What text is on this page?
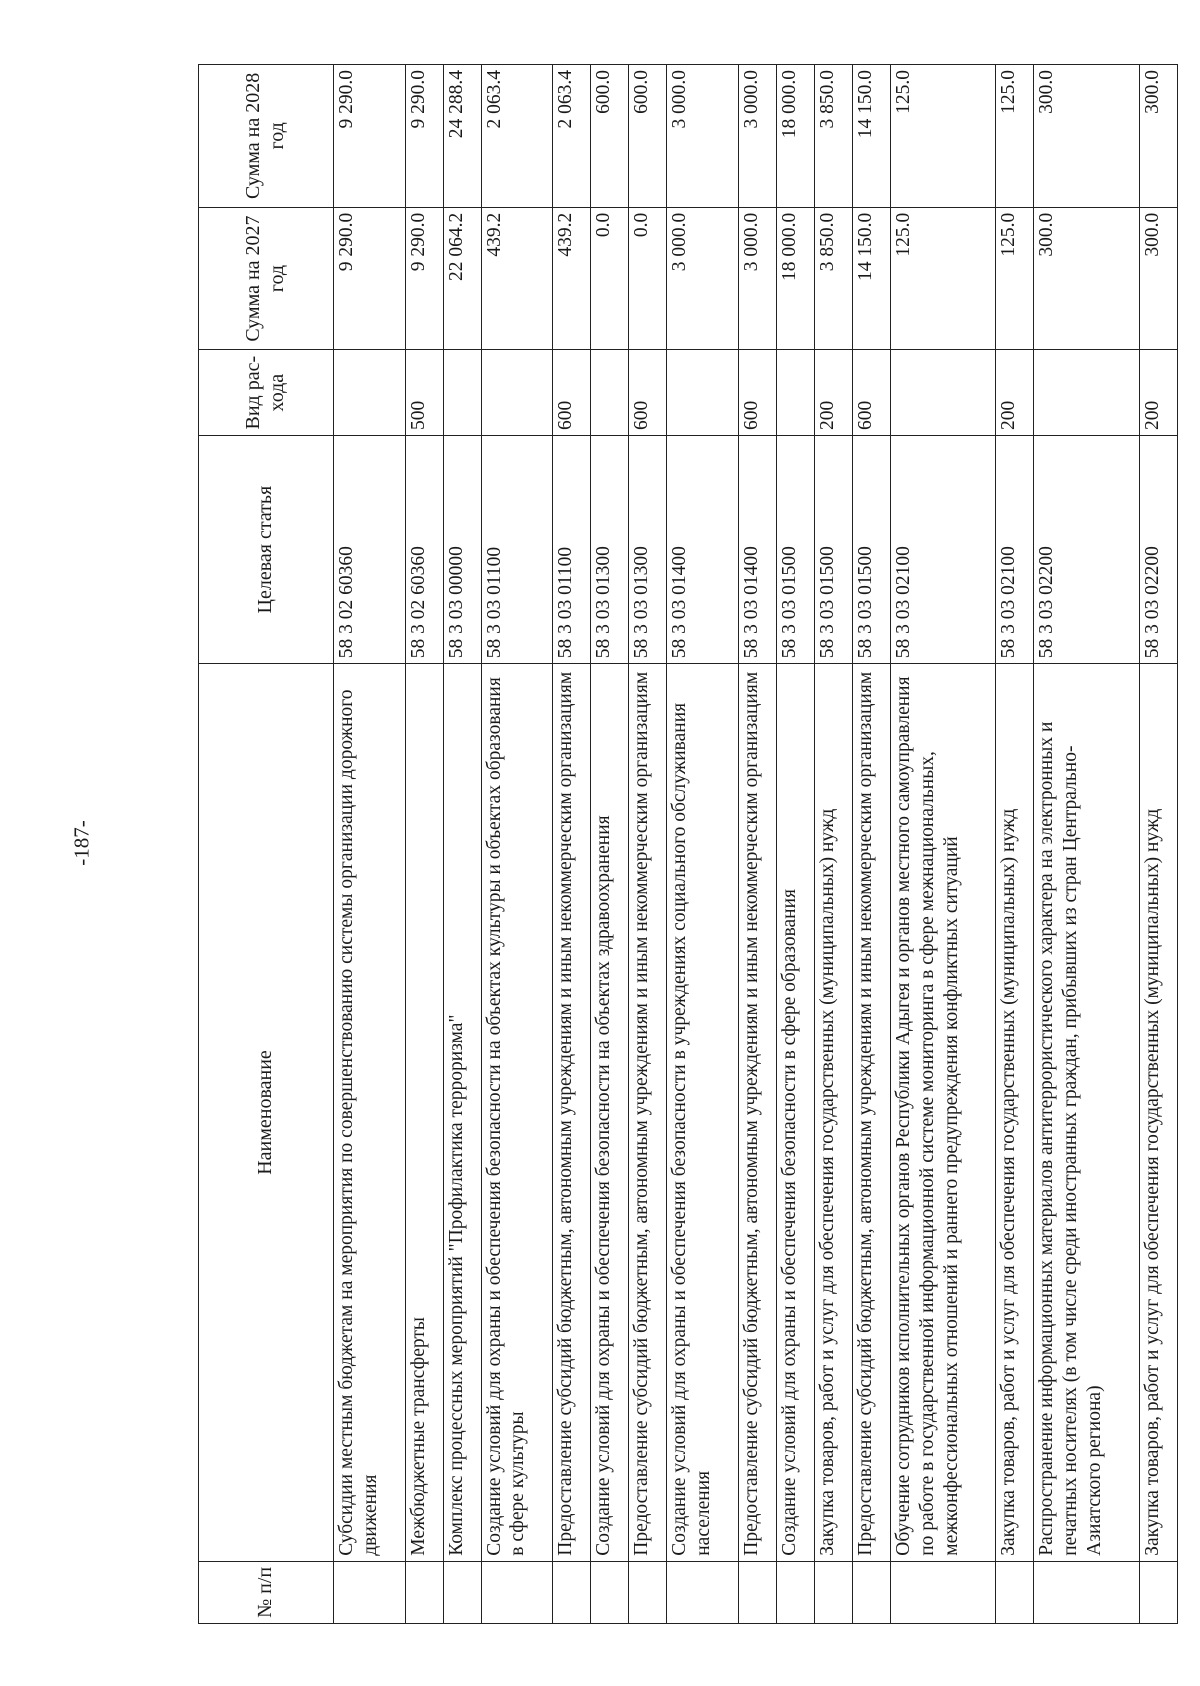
-187-
№ п/п	Наименование	Целевая статья	Вид рас-хода	Сумма на 2027 год	Сумма на 2028 год
	Субсидии местным бюджетам на мероприятия по совершенствованию системы организации дорожного движения	58 3 02 60360		9 290.0	9 290.0
	Межбюджетные трансферты	58 3 02 60360	500	9 290.0	9 290.0
	Комплекс процессных мероприятий "Профилактика терроризма"	58 3 03 00000		22 064.2	24 288.4
	Создание условий для охраны и обеспечения безопасности на объектах культуры и объектах образования в сфере культуры	58 3 03 01100		439.2	2 063.4
	Предоставление субсидий бюджетным, автономным учреждениям и иным некоммерческим организациям	58 3 03 01100	600	439.2	2 063.4
	Создание условий для охраны и обеспечения безопасности на объектах здравоохранения	58 3 03 01300		0.0	600.0
	Предоставление субсидий бюджетным, автономным учреждениям и иным некоммерческим организациям	58 3 03 01300	600	0.0	600.0
	Создание условий для охраны и обеспечения безопасности в учреждениях социального обслуживания населения	58 3 03 01400		3 000.0	3 000.0
	Предоставление субсидий бюджетным, автономным учреждениям и иным некоммерческим организациям	58 3 03 01400	600	3 000.0	3 000.0
	Создание условий для охраны и обеспечения безопасности в сфере образования	58 3 03 01500		18 000.0	18 000.0
	Закупка товаров, работ и услуг для обеспечения государственных (муниципальных) нужд	58 3 03 01500	200	3 850.0	3 850.0
	Предоставление субсидий бюджетным, автономным учреждениям и иным некоммерческим организациям	58 3 03 01500	600	14 150.0	14 150.0
	Обучение сотрудников исполнительных органов Республики Адыгея и органов местного самоуправления по работе в государственной информационной системе мониторинга в сфере межнациональных, межконфессиональных отношений и раннего предупреждения конфликтных ситуаций	58 3 03 02100		125.0	125.0
	Закупка товаров, работ и услуг для обеспечения государственных (муниципальных) нужд	58 3 03 02100	200	125.0	125.0
	Распространение информационных материалов антитеррористического характера на электронных и печатных носителях (в том числе среди иностранных граждан, прибывших из стран Центрально-Азиатского региона)	58 3 03 02200		300.0	300.0
	Закупка товаров, работ и услуг для обеспечения государственных (муниципальных) нужд	58 3 03 02200	200	300.0	300.0
